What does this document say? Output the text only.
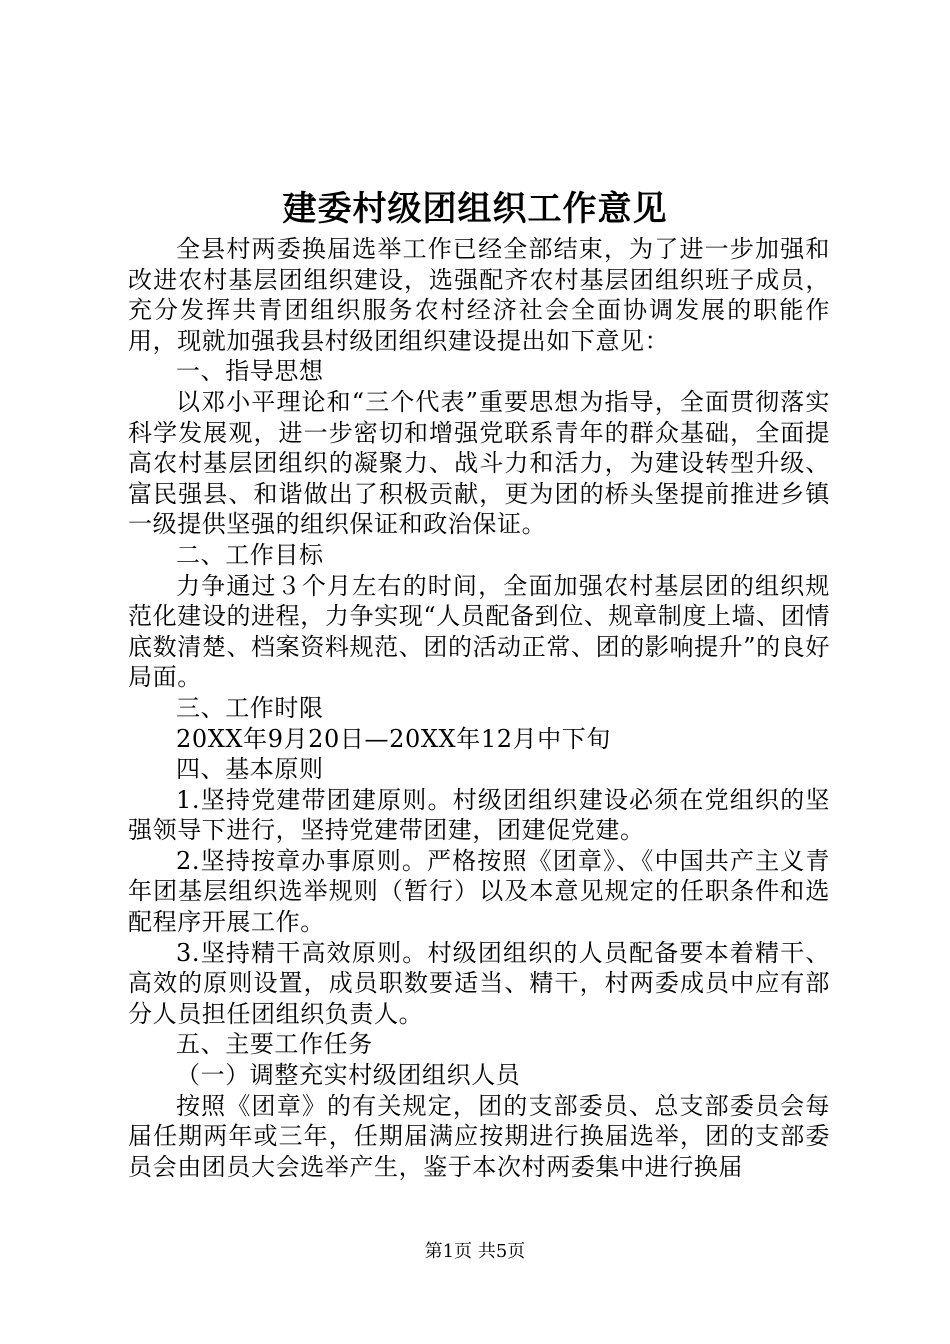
建委村级团组织工作意见

全县村两委换届选举工作已经全部结束，为了进一步加强和改进农村基层团组织建设，选强配齐农村基层团组织班子成员，充分发挥共青团组织服务农村经济社会全面协调发展的职能作用，现就加强我县村级团组织建设提出如下意见：

一、指导思想

以邓小平理论和“三个代表”重要思想为指导，全面贯彻落实科学发展观，进一步密切和增强党联系青年的群众基础，全面提高农村基层团组织的凝聚力、战斗力和活力，为建设转型升级、富民强县、和谐做出了积极贡献，更为团的桥头堡提前推进乡镇一级提供坚强的组织保证和政治保证。

二、工作目标

力争通过３个月左右的时间，全面加强农村基层团的组织规范化建设的进程，力争实现“人员配备到位、规章制度上墙、团情底数清楚、档案资料规范、团的活动正常、团的影响提升”的良好局面。

三、工作时限

20XX年9月20日—20XX年12月中下旬

四、基本原则

1.坚持党建带团建原则。村级团组织建设必须在党组织的坚强领导下进行，坚持党建带团建，团建促党建。

2.坚持按章办事原则。严格按照《团章》、《中国共产主义青年团基层组织选举规则（暂行）以及本意见规定的任职条件和选配程序开展工作。

3.坚持精干高效原则。村级团组织的人员配备要本着精干、高效的原则设置，成员职数要适当、精干，村两委成员中应有部分人员担任团组织负责人。

五、主要工作任务

（一）调整充实村级团组织人员

按照《团章》的有关规定，团的支部委员、总支部委员会每届任期两年或三年，任期届满应按期进行换届选举，团的支部委员会由团员大会选举产生，鉴于本次村两委集中进行换届

第1页 共5页
